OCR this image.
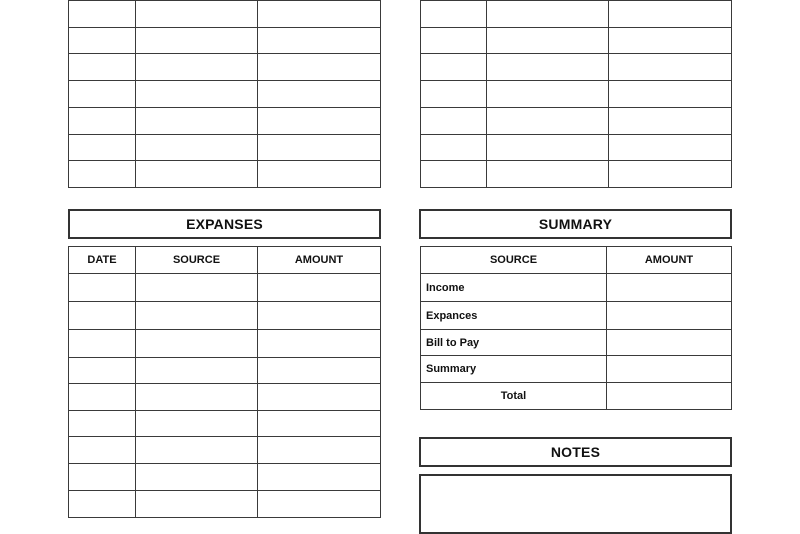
EXPANSES
DATE	SOURCE	AMOUNT

SUMMARY
SOURCE	AMOUNT
Income	
Expances	
Bill to Pay	
Summary	
Total	
NOTES
